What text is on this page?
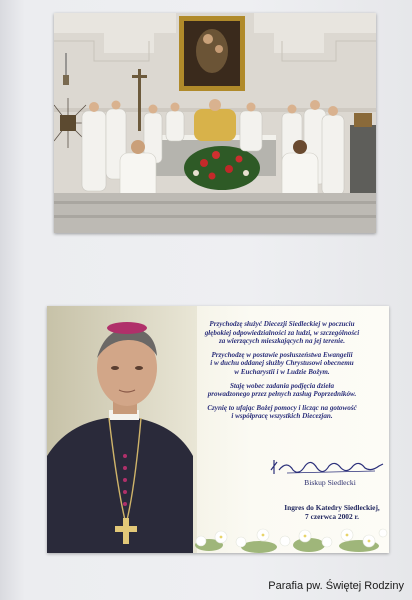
Przychodzę służyć Diecezji Siedleckiej w poczuciu
głębokiej odpowiedzialności za ludzi, w szczególności
za wierzących mieszkających na jej terenie.

Przychodzę w postawie posłuszeństwa Ewangelii
i w duchu oddanej służby Chrystusowi obecnemu
w Eucharystii i w Ludzie Bożym.

Staję wobec zadania podjęcia dzieła
prowadzonego przez pełnych zasług Poprzedników.

Czynię to ufając Bożej pomocy i licząc na gotowość
i współpracę wszystkich Diecezjan.

Biskup Siedlecki
Ingres do Katedry Siedleckiej,
7 czerwca 2002 r.
Parafia pw. Świętej Rodziny
